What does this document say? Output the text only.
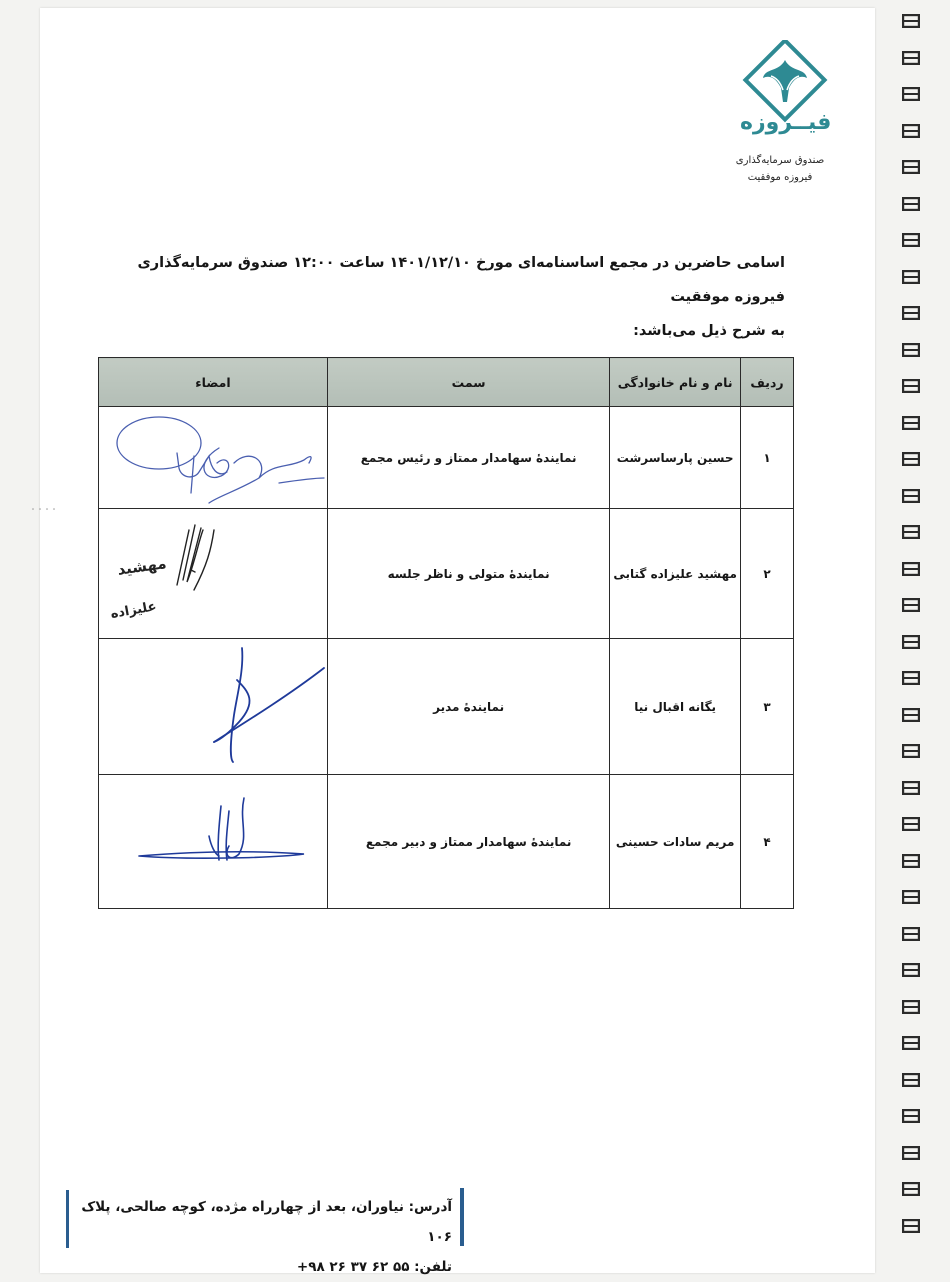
فیــروزه
صندوق سرمایه‌گذاری
فیروزه موفقیت
اسامی حاضرین در مجمع اساسنامه‌ای مورخ ۱۴۰۱/۱۲/۱۰ ساعت ۱۲:۰۰ صندوق سرمایه‌گذاری فیروزه موفقیت
به شرح ذیل می‌باشد:
ردیف	نام و نام خانوادگی	سمت	امضاء
۱	حسین پارساسرشت	نمایندهٔ سهامدار ممتاز و رئیس مجمع	

۲	مهشید علیزاده گتابی	نمایندهٔ متولی و ناظر جلسه	مهشید
علیزاده

۳	یگانه اقبال نیا	نمایندهٔ مدیر	

۴	مریم سادات حسینی	نمایندهٔ سهامدار ممتاز و دبیر مجمع	
آدرس: نیاوران، بعد از چهارراه مژده، کوچه صالحی، پلاک ۱۰۶
تلفن: ۵۵ ۶۲ ۳۷ ۲۶ ۹۸+
